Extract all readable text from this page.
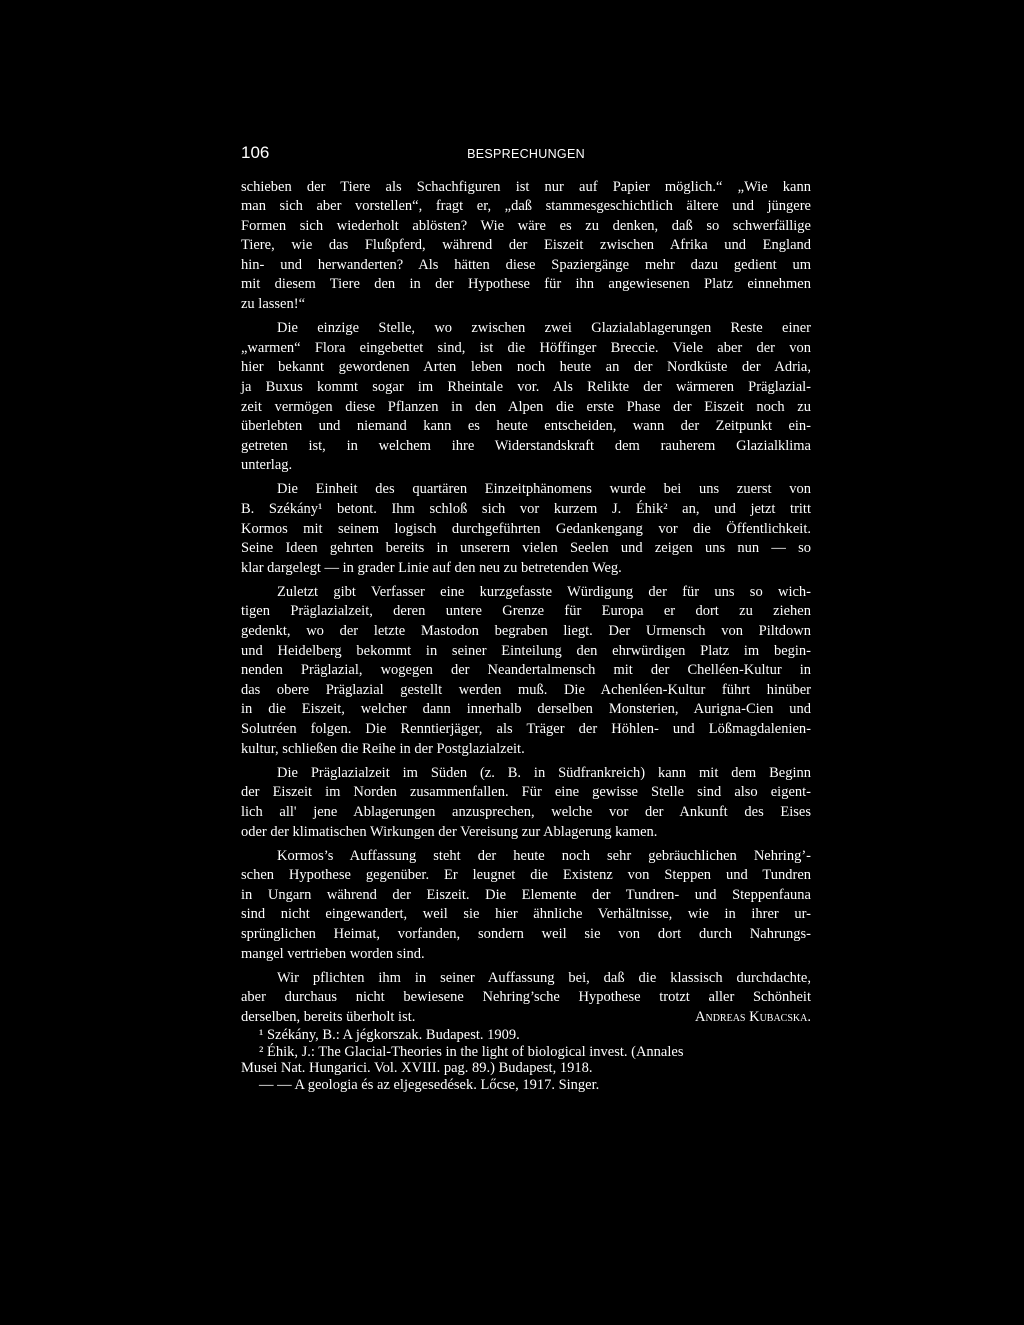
106	BESPRECHUNGEN
schieben der Tiere als Schachfiguren ist nur auf Papier möglich.“ „Wie kann
man sich aber vorstellen“, fragt er, „daß stammesgeschichtlich ältere und jüngere
Formen sich wiederholt ablösten? Wie wäre es zu denken, daß so schwerfällige
Tiere, wie das Flußpferd, während der Eiszeit zwischen Afrika und England
hin- und herwanderten? Als hätten diese Spaziergänge mehr dazu gedient um
mit diesem Tiere den in der Hypothese für ihn angewiesenen Platz einnehmen
zu lassen!“
Die einzige Stelle, wo zwischen zwei Glazialablagerungen Reste einer
„warmen“ Flora eingebettet sind, ist die Höffinger Breccie. Viele aber der von
hier bekannt gewordenen Arten leben noch heute an der Nordküste der Adria,
ja Buxus kommt sogar im Rheintale vor. Als Relikte der wärmeren Präglazial-
zeit vermögen diese Pflanzen in den Alpen die erste Phase der Eiszeit noch zu
überlebten und niemand kann es heute entscheiden, wann der Zeitpunkt ein-
getreten ist, in welchem ihre Widerstandskraft dem rauherem Glazialklima
unterlag.
Die Einheit des quartären Einzeitphänomens wurde bei uns zuerst von
B. Székány¹ betont. Ihm schloß sich vor kurzem J. Éhik² an, und jetzt tritt
Kormos mit seinem logisch durchgeführten Gedankengang vor die Öffentlichkeit.
Seine Ideen gehrten bereits in unserern vielen Seelen und zeigen uns nun — so
klar dargelegt — in grader Linie auf den neu zu betretenden Weg.
Zuletzt gibt Verfasser eine kurzgefasste Würdigung der für uns so wich-
tigen Präglazialzeit, deren untere Grenze für Europa er dort zu ziehen
gedenkt, wo der letzte Mastodon begraben liegt. Der Urmensch von Piltdown
und Heidelberg bekommt in seiner Einteilung den ehrwürdigen Platz im begin-
nenden Präglazial, wogegen der Neandertalmensch mit der Chelléen-Kultur in
das obere Präglazial gestellt werden muß. Die Achenléen-Kultur führt hinüber
in die Eiszeit, welcher dann innerhalb derselben Monsterien, Aurigna-Cien und
Solutréen folgen. Die Renntierjäger, als Träger der Höhlen- und Lößmagdalenien-
kultur, schließen die Reihe in der Postglazialzeit.
Die Präglazialzeit im Süden (z. B. in Südfrankreich) kann mit dem Beginn
der Eiszeit im Norden zusammenfallen. Für eine gewisse Stelle sind also eigent-
lich all' jene Ablagerungen anzusprechen, welche vor der Ankunft des Eises
oder der klimatischen Wirkungen der Vereisung zur Ablagerung kamen.
Kormos’s Auffassung steht der heute noch sehr gebräuchlichen Nehring’-
schen Hypothese gegenüber. Er leugnet die Existenz von Steppen und Tundren
in Ungarn während der Eiszeit. Die Elemente der Tundren- und Steppenfauna
sind nicht eingewandert, weil sie hier ähnliche Verhältnisse, wie in ihrer ur-
sprünglichen Heimat, vorfanden, sondern weil sie von dort durch Nahrungs-
mangel vertrieben worden sind.
Wir pflichten ihm in seiner Auffassung bei, daß die klassisch durchdachte,
aber durchaus nicht bewiesene Nehring’sche Hypothese trotzt aller Schönheit
derselben, bereits überholt ist.	Andreas Kubacska.
¹ Székány, B.: A jégkorszak. Budapest. 1909.
² Éhik, J.: The Glacial-Theories in the light of biological invest. (Annales
Musei Nat. Hungarici. Vol. XVIII. pag. 89.) Budapest, 1918.
— — A geologia és az eljegesedések. Lőcse, 1917. Singer.
